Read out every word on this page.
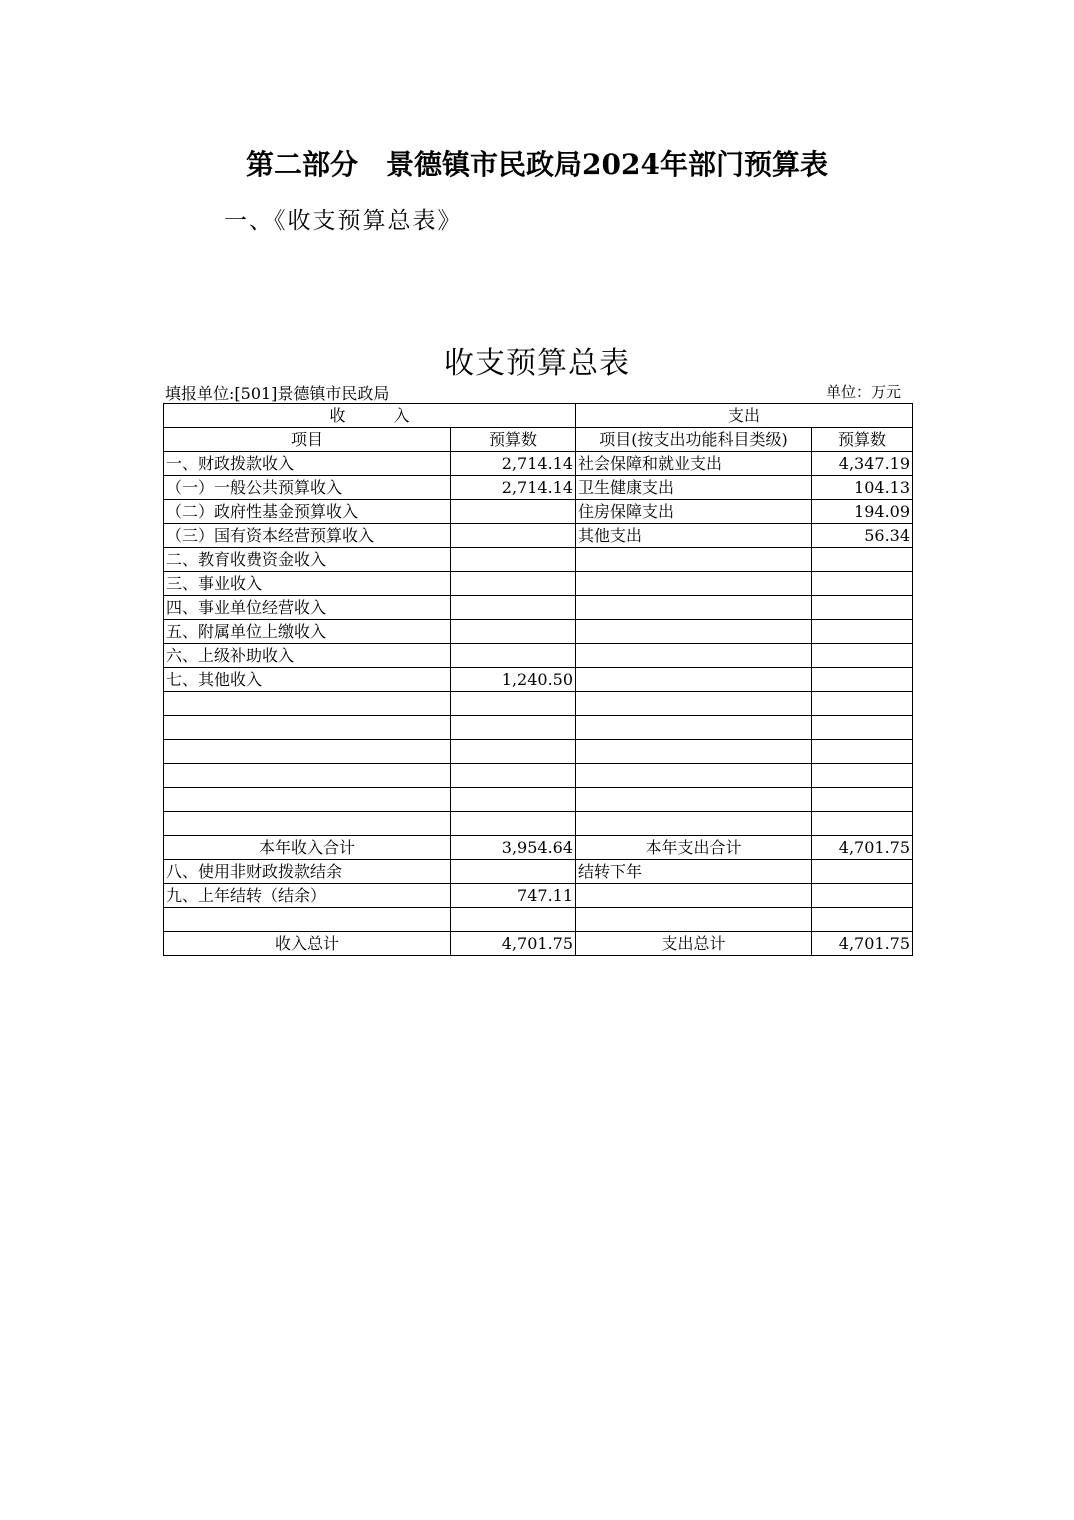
第二部分　景德镇市民政局2024年部门预算表
一、《收支预算总表》
收支预算总表
填报单位:[501]景德镇市民政局	单位：万元
收　　　入		支出	
项目	预算数	项目(按支出功能科目类级)	预算数
一、财政拨款收入	2,714.14	社会保障和就业支出	4,347.19
（一）一般公共预算收入	2,714.14	卫生健康支出	104.13
（二）政府性基金预算收入		住房保障支出	194.09
（三）国有资本经营预算收入		其他支出	56.34
二、教育收费资金收入			
三、事业收入			
四、事业单位经营收入			
五、附属单位上缴收入			
六、上级补助收入			
七、其他收入	1,240.50		

本年收入合计	3,954.64	本年支出合计	4,701.75
八、使用非财政拨款结余		结转下年	
九、上年结转（结余）	747.11		

收入总计	4,701.75	支出总计	4,701.75
